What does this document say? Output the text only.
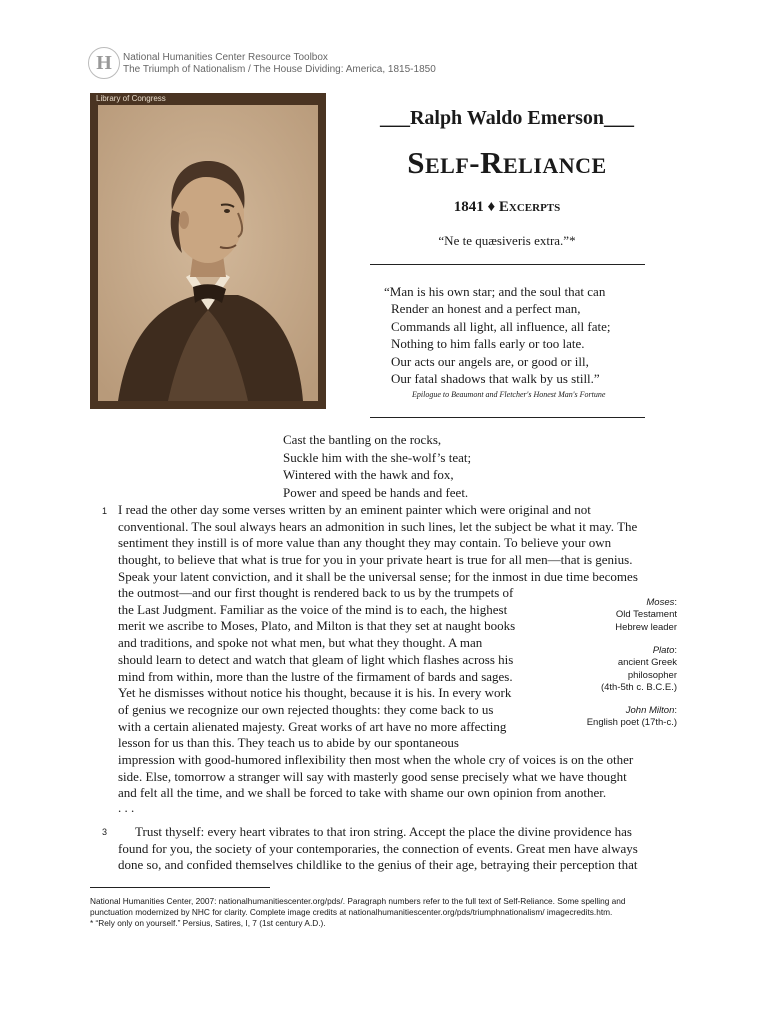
H National Humanities Center Resource Toolbox
The Triumph of Nationalism / The House Dividing: America, 1815-1850
Library of Congress
___Ralph Waldo Emerson___
Self-Reliance
1841 ♦ Excerpts
“Ne te quæsiveris extra.”*
“Man is his own star; and the soul that can
Render an honest and a perfect man,
Commands all light, all influence, all fate;
Nothing to him falls early or too late.
Our acts our angels are, or good or ill,
Our fatal shadows that walk by us still.”
Epilogue to Beaumont and Fletcher's Honest Man's Fortune
Cast the bantling on the rocks,
Suckle him with the she-wolf’s teat;
Wintered with the hawk and fox,
Power and speed be hands and feet.
1 I read the other day some verses written by an eminent painter which were original and not
conventional. The soul always hears an admonition in such lines, let the subject be what it may. The
sentiment they instill is of more value than any thought they may contain. To believe your own
thought, to believe that what is true for you in your private heart is true for all men—that is genius.
Speak your latent conviction, and it shall be the universal sense; for the inmost in due time becomes
the outmost—and our first thought is rendered back to us by the trumpets of
the Last Judgment. Familiar as the voice of the mind is to each, the highest
merit we ascribe to Moses, Plato, and Milton is that they set at naught books
and traditions, and spoke not what men, but what they thought. A man
should learn to detect and watch that gleam of light which flashes across his
mind from within, more than the lustre of the firmament of bards and sages.
Yet he dismisses without notice his thought, because it is his. In every work
of genius we recognize our own rejected thoughts: they come back to us
with a certain alienated majesty. Great works of art have no more affecting
lesson for us than this. They teach us to abide by our spontaneous
impression with good-humored inflexibility then most when the whole cry of voices is on the other
side. Else, tomorrow a stranger will say with masterly good sense precisely what we have thought
and felt all the time, and we shall be forced to take with shame our own opinion from another.
Moses:
Old Testament
Hebrew leader
Plato:
ancient Greek
philosopher
(4th-5th c. B.C.E.)
John Milton:
English poet (17th-c.)
. . .
3	Trust thyself: every heart vibrates to that iron string. Accept the place the divine providence has
found for you, the society of your contemporaries, the connection of events. Great men have always
done so, and confided themselves childlike to the genius of their age, betraying their perception that
National Humanities Center, 2007: nationalhumanitiescenter.org/pds/. Paragraph numbers refer to the full text of Self-Reliance. Some spelling and
punctuation modernized by NHC for clarity. Complete image credits at nationalhumanitiescenter.org/pds/triumphnationalism/ imagecredits.htm.
* “Rely only on yourself.” Persius, Satires, I, 7 (1st century A.D.).
